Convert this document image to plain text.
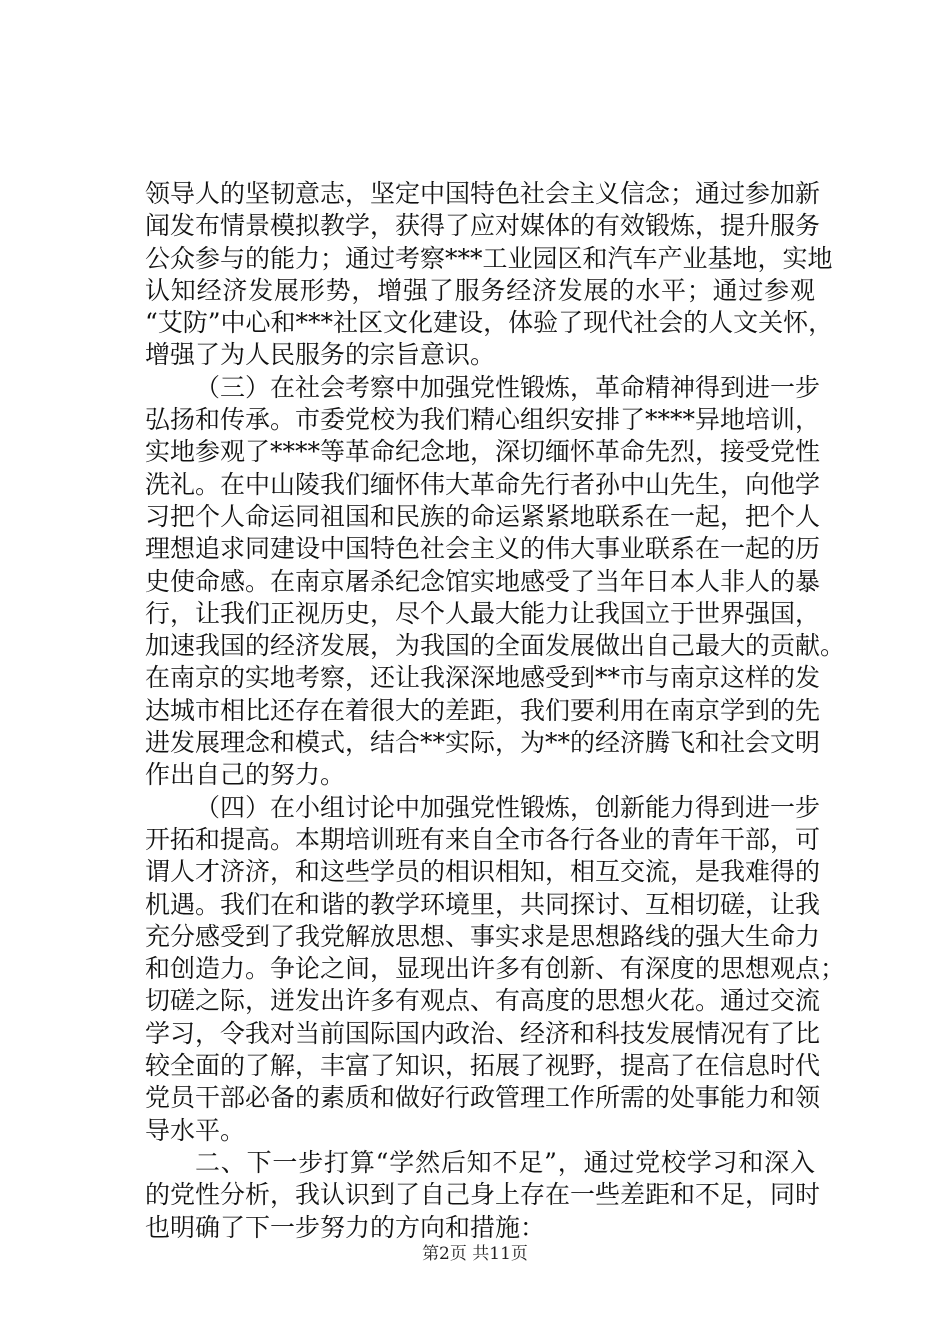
领导人的坚韧意志，坚定中国特色社会主义信念；通过参加新
闻发布情景模拟教学，获得了应对媒体的有效锻炼，提升服务
公众参与的能力；通过考察***工业园区和汽车产业基地，实地
认知经济发展形势，增强了服务经济发展的水平；通过参观
“艾防”中心和***社区文化建设，体验了现代社会的人文关怀，
增强了为人民服务的宗旨意识。
（三）在社会考察中加强党性锻炼，革命精神得到进一步
弘扬和传承。市委党校为我们精心组织安排了****异地培训，
实地参观了****等革命纪念地，深切缅怀革命先烈，接受党性
洗礼。在中山陵我们缅怀伟大革命先行者孙中山先生，向他学
习把个人命运同祖国和民族的命运紧紧地联系在一起，把个人
理想追求同建设中国特色社会主义的伟大事业联系在一起的历
史使命感。在南京屠杀纪念馆实地感受了当年日本人非人的暴
行，让我们正视历史，尽个人最大能力让我国立于世界强国，
加速我国的经济发展，为我国的全面发展做出自己最大的贡献。
在南京的实地考察，还让我深深地感受到**市与南京这样的发
达城市相比还存在着很大的差距，我们要利用在南京学到的先
进发展理念和模式，结合**实际，为**的经济腾飞和社会文明
作出自己的努力。
（四）在小组讨论中加强党性锻炼，创新能力得到进一步
开拓和提高。本期培训班有来自全市各行各业的青年干部，可
谓人才济济，和这些学员的相识相知，相互交流，是我难得的
机遇。我们在和谐的教学环境里，共同探讨、互相切磋，让我
充分感受到了我党解放思想、事实求是思想路线的强大生命力
和创造力。争论之间，显现出许多有创新、有深度的思想观点；
切磋之际，迸发出许多有观点、有高度的思想火花。通过交流
学习，令我对当前国际国内政治、经济和科技发展情况有了比
较全面的了解，丰富了知识，拓展了视野，提高了在信息时代
党员干部必备的素质和做好行政管理工作所需的处事能力和领
导水平。
二、下一步打算“学然后知不足”，通过党校学习和深入
的党性分析，我认识到了自己身上存在一些差距和不足，同时
也明确了下一步努力的方向和措施：
第2页 共11页
